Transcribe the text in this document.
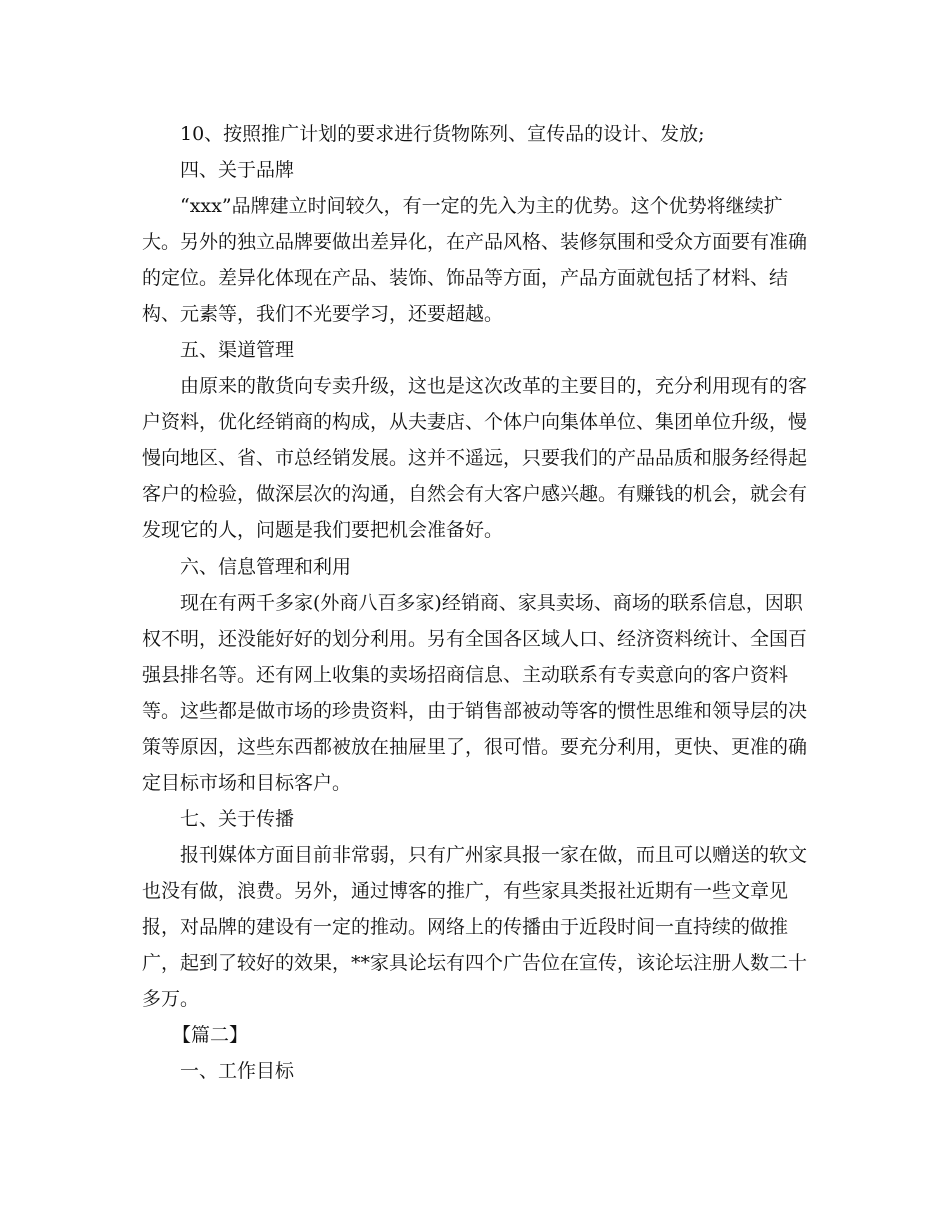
10、按照推广计划的要求进行货物陈列、宣传品的设计、发放;
四、关于品牌
“xxx”品牌建立时间较久，有一定的先入为主的优势。这个优势将继续扩
大。另外的独立品牌要做出差异化，在产品风格、装修氛围和受众方面要有准确
的定位。差异化体现在产品、装饰、饰品等方面，产品方面就包括了材料、结
构、元素等，我们不光要学习，还要超越。
五、渠道管理
由原来的散货向专卖升级，这也是这次改革的主要目的，充分利用现有的客
户资料，优化经销商的构成，从夫妻店、个体户向集体单位、集团单位升级，慢
慢向地区、省、市总经销发展。这并不遥远，只要我们的产品品质和服务经得起
客户的检验，做深层次的沟通，自然会有大客户感兴趣。有赚钱的机会，就会有
发现它的人，问题是我们要把机会准备好。
六、信息管理和利用
现在有两千多家(外商八百多家)经销商、家具卖场、商场的联系信息，因职
权不明，还没能好好的划分利用。另有全国各区域人口、经济资料统计、全国百
强县排名等。还有网上收集的卖场招商信息、主动联系有专卖意向的客户资料
等。这些都是做市场的珍贵资料，由于销售部被动等客的惯性思维和领导层的决
策等原因，这些东西都被放在抽屉里了，很可惜。要充分利用，更快、更准的确
定目标市场和目标客户。
七、关于传播
报刊媒体方面目前非常弱，只有广州家具报一家在做，而且可以赠送的软文
也没有做，浪费。另外，通过博客的推广，有些家具类报社近期有一些文章见
报，对品牌的建设有一定的推动。网络上的传播由于近段时间一直持续的做推
广，起到了较好的效果，**家具论坛有四个广告位在宣传，该论坛注册人数二十
多万。
【篇二】
一、工作目标
